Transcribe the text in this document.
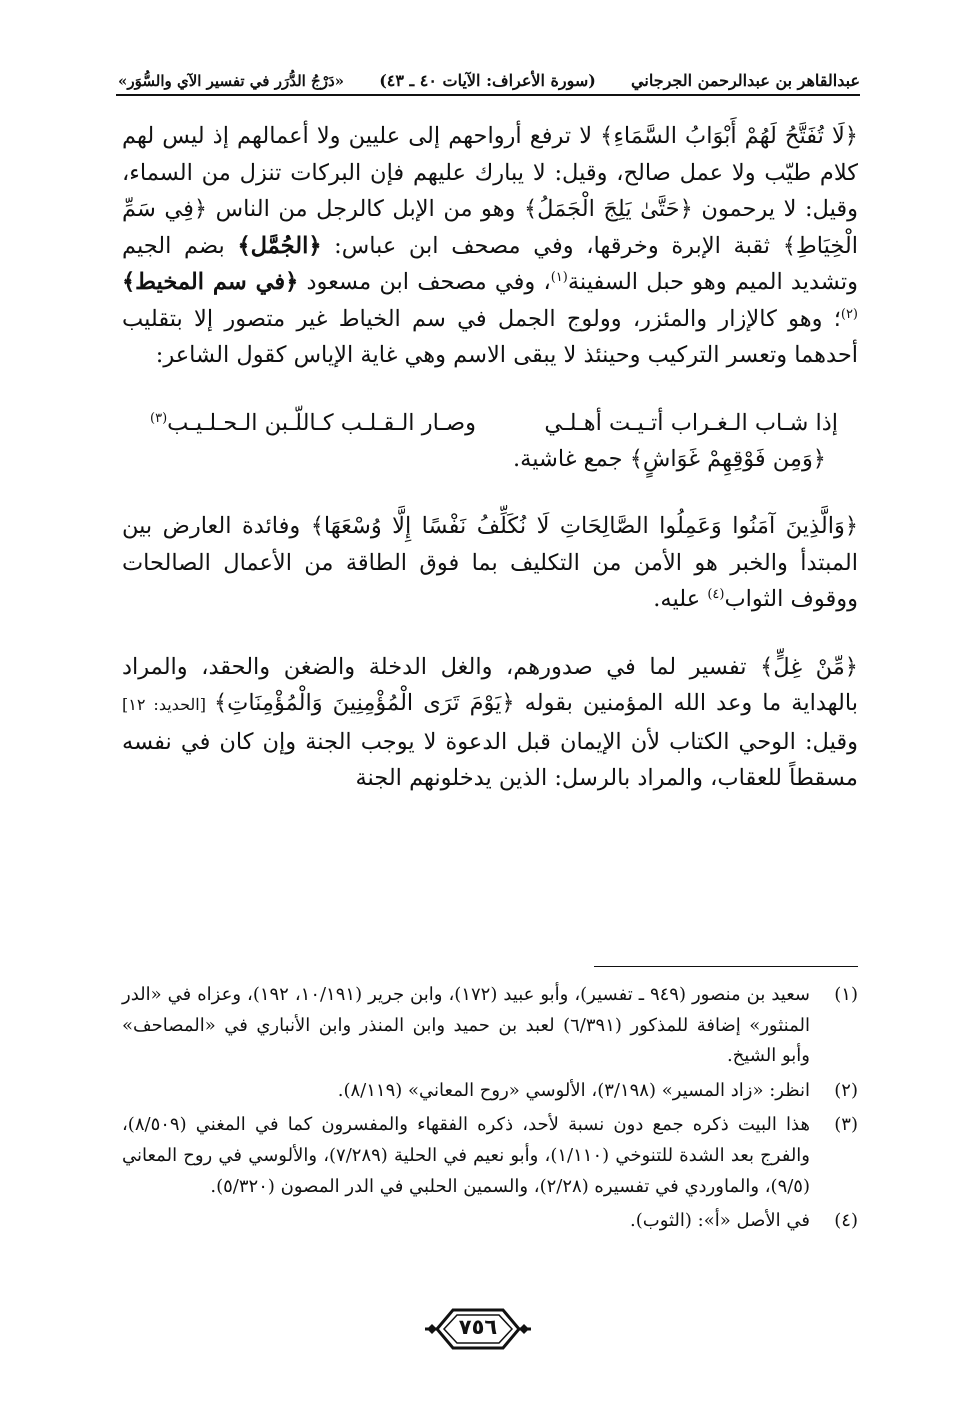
عبدالقاهر بن عبدالرحمن الجرجاني
(سورة الأعراف: الآيات ٤٠ ـ ٤٣)
«دَرْجُ الدُّرَر في تفسير الآي والسُّوَر»

﴿لَا تُفَتَّحُ لَهُمْ أَبْوَابُ السَّمَاءِ﴾ لا ترفع أرواحهم إلى عليين ولا أعمالهم إذ ليس لهم كلام طيّب ولا عمل صالح، وقيل: لا يبارك عليهم فإن البركات تنزل من السماء، وقيل: لا يرحمون ﴿حَتَّىٰ يَلِجَ الْجَمَلُ﴾ وهو من الإبل كالرجل من الناس ﴿فِي سَمِّ الْخِيَاطِ﴾ ثقبة الإبرة وخرقها، وفي مصحف ابن عباس: ﴿الجُمَّل﴾ بضم الجيم وتشديد الميم وهو حبل السفينة$^{(١)}$، وفي مصحف ابن مسعود ﴿في سم المخيط﴾$^{(٢)}$؛ وهو كالإزار والمئزر، وولوج الجمل في سم الخياط غير متصور إلا بتقليب أحدهما وتعسر التركيب وحينئذ لا يبقى الاسم وهي غاية الإياس كقول الشاعر:

إذا شـاب الـغـراب أتـيـت أهـلـي
وصـار الـقـلـب كـاللّـبن الـحـلـيـب$^{(٣)}$

﴿وَمِن فَوْقِهِمْ غَوَاشٍ﴾ جمع غاشية.

﴿وَالَّذِينَ آمَنُوا وَعَمِلُوا الصَّالِحَاتِ لَا نُكَلِّفُ نَفْسًا إِلَّا وُسْعَهَا﴾ وفائدة العارض بين المبتدأ والخبر هو الأمن من التكليف بما فوق الطاقة من الأعمال الصالحات ووقوف الثواب$^{(٤)}$ عليه.

﴿مِّنْ غِلٍّ﴾ تفسير لما في صدورهم، والغل الدخلة والضغن والحقد، والمراد بالهداية ما وعد الله المؤمنين بقوله ﴿يَوْمَ تَرَى الْمُؤْمِنِينَ وَالْمُؤْمِنَاتِ﴾ [الحديد: ١٢] وقيل: الوحي الكتاب لأن الإيمان قبل الدعوة لا يوجب الجنة وإن كان في نفسه مسقطاً للعقاب، والمراد بالرسل: الذين يدخلونهم الجنة

(١)
سعيد بن منصور (٩٤٩ ـ تفسير)، وأبو عبيد (١٧٢)، وابن جرير (١٠/١٩١، ١٩٢)، وعزاه في «الدر المنثور» إضافة للمذكور (٦/٣٩١) لعبد بن حميد وابن المنذر وابن الأنباري في «المصاحف» وأبو الشيخ.
(٢)
انظر: «زاد المسير» (٣/١٩٨)، الألوسي «روح المعاني» (٨/١١٩).
(٣)
هذا البيت ذكره جمع دون نسبة لأحد، ذكره الفقهاء والمفسرون كما في المغني (٨/٥٠٩)، والفرج بعد الشدة للتنوخي (١/١١٠)، وأبو نعيم في الحلية (٧/٢٨٩)، والألوسي في روح المعاني (٩/٥)، والماوردي في تفسيره (٢/٢٨)، والسمين الحلبي في الدر المصون (٥/٣٢٠).
(٤)
في الأصل «أ»: (الثوب).
٧٥٦
